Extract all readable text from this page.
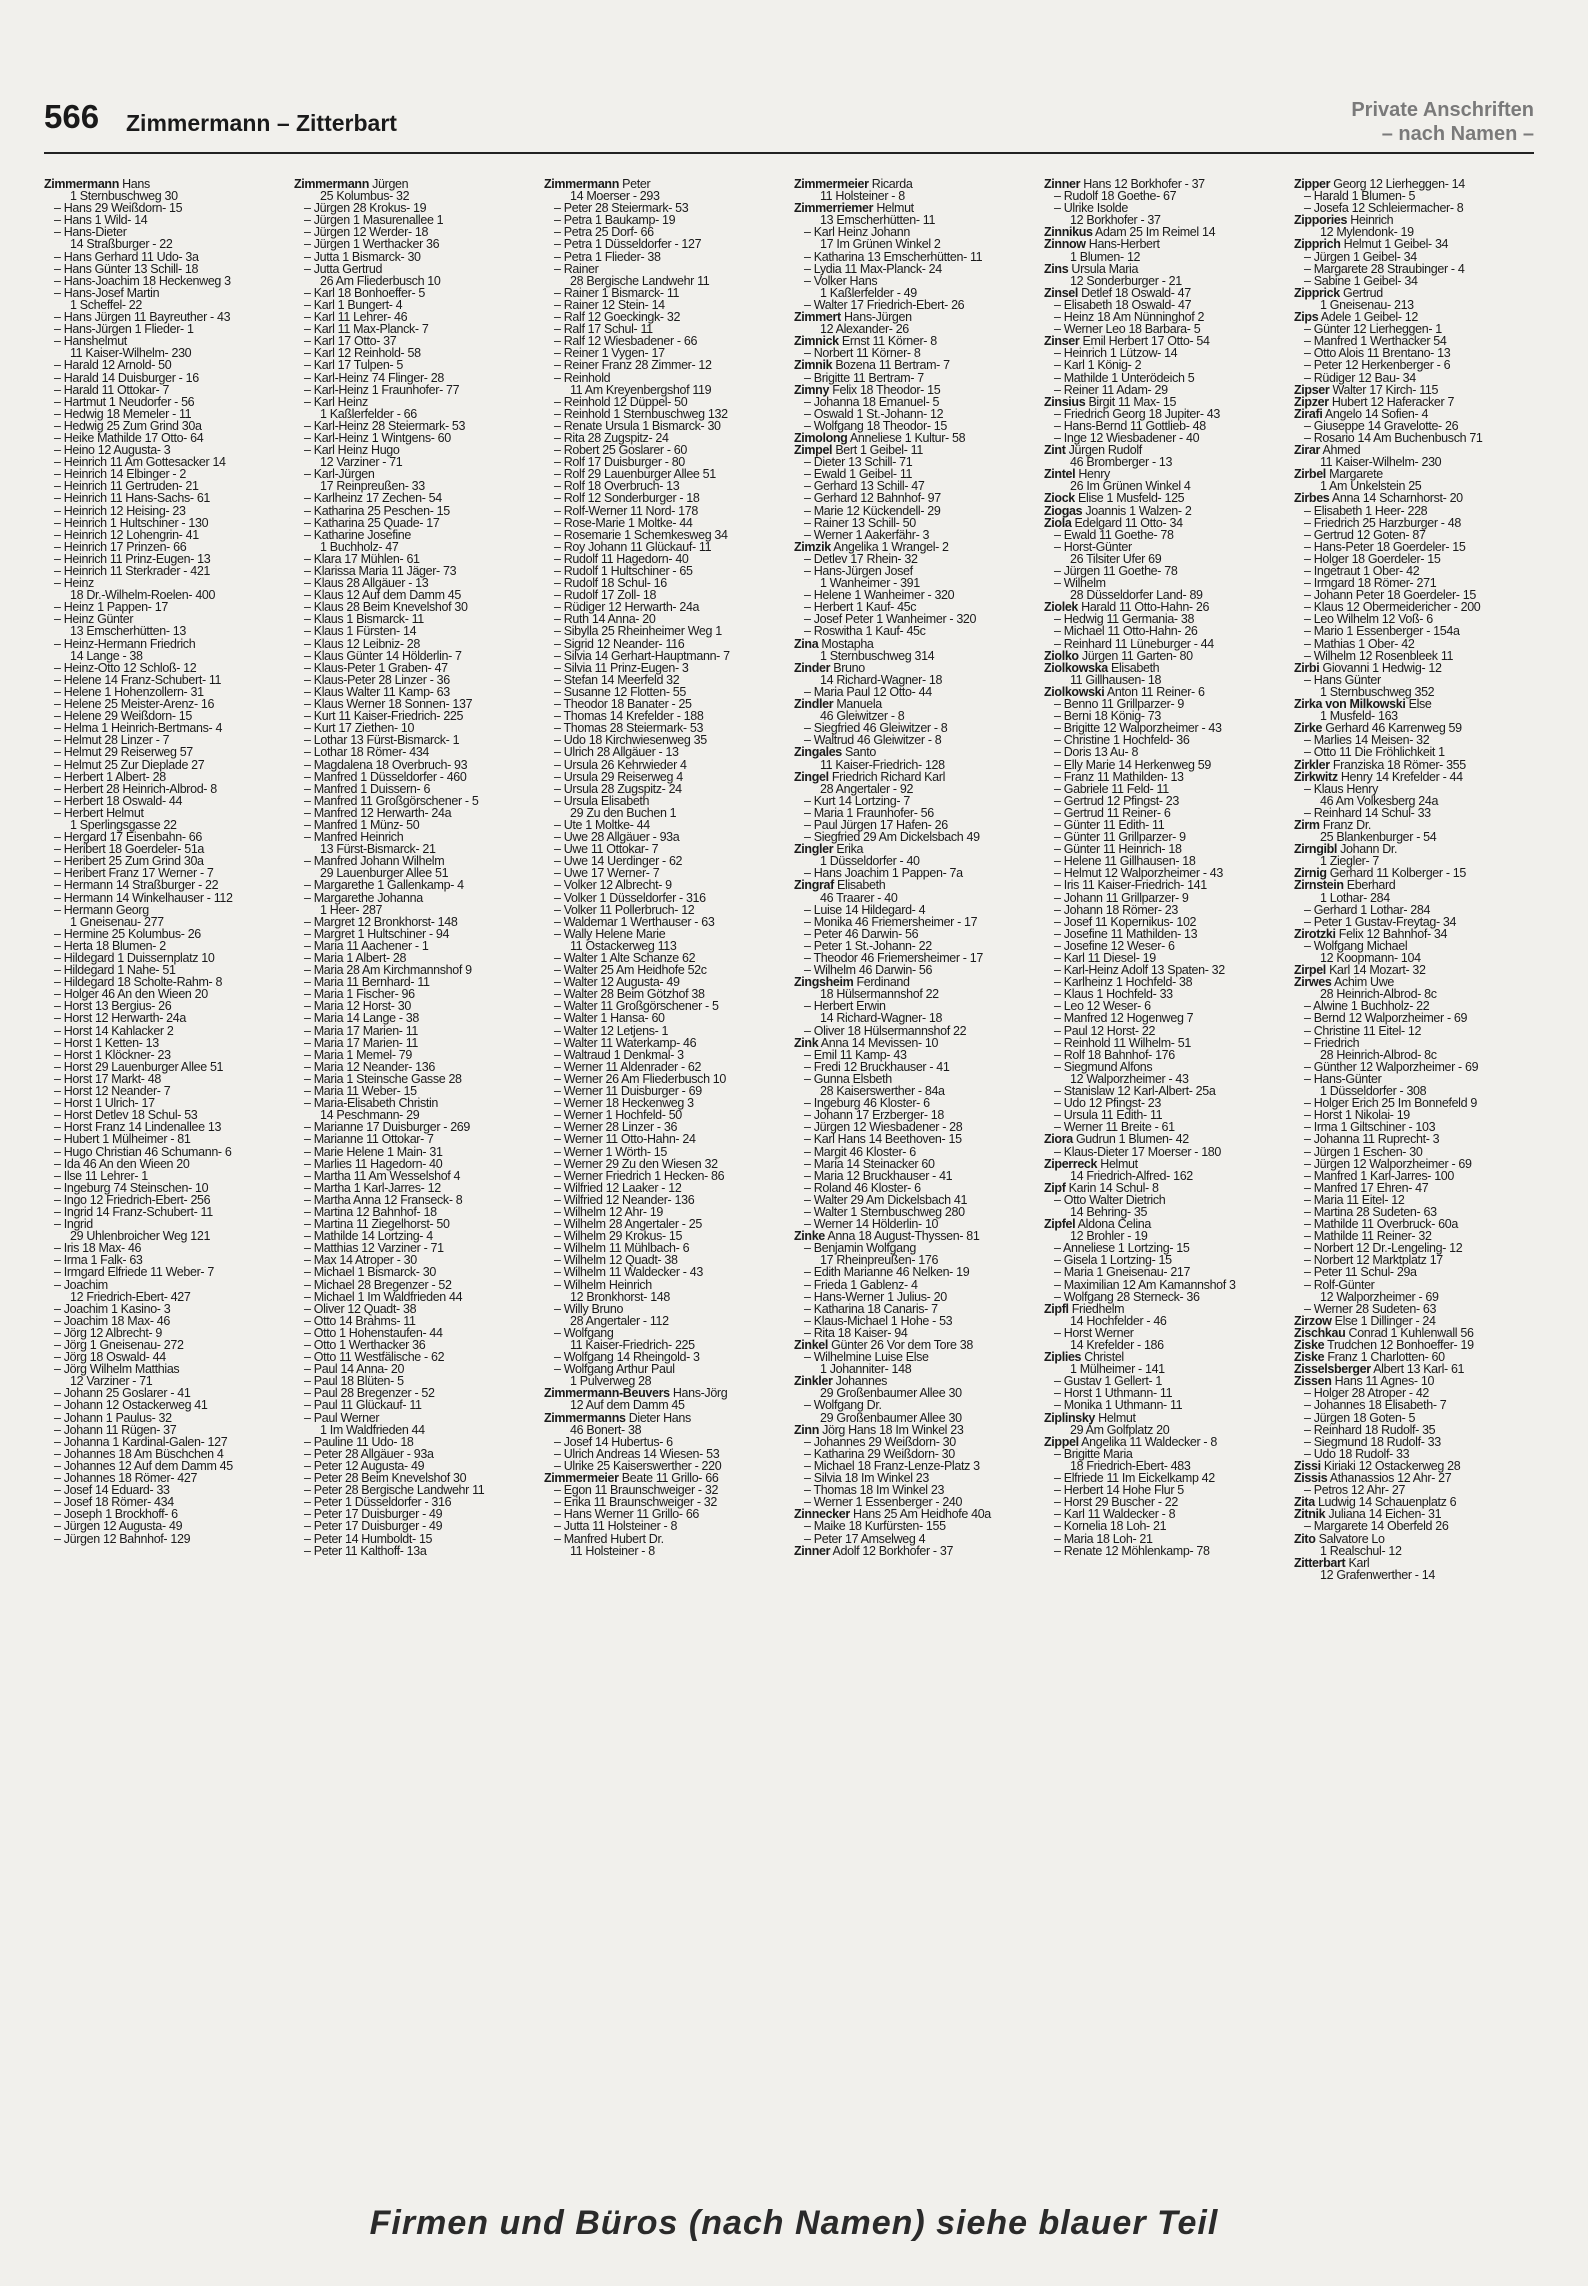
566 Zimmermann – Zitterbart	Private Anschriften
– nach Namen –
Zimmermann Hans
1 Sternbuschweg 30
– Hans 29 Weißdorn- 15
– Hans 1 Wild- 14
– Hans-Dieter
14 Straßburger - 22
– Hans Gerhard 11 Udo- 3a
– Hans Günter 13 Schill- 18
– Hans-Joachim 18 Heckenweg 3
– Hans-Josef Martin
1 Scheffel- 22
– Hans Jürgen 11 Bayreuther - 43
– Hans-Jürgen 1 Flieder- 1
– Hanshelmut
11 Kaiser-Wilhelm- 230
– Harald 12 Arnold- 50
– Harald 14 Duisburger - 16
– Harald 11 Ottokar- 7
– Hartmut 1 Neudorfer - 56
– Hedwig 18 Memeler - 11
– Hedwig 25 Zum Grind 30a
– Heike Mathilde 17 Otto- 64
– Heino 12 Augusta- 3
– Heinrich 11 Am Gottesacker 14
– Heinrich 14 Elbinger - 2
– Heinrich 11 Gertruden- 21
– Heinrich 11 Hans-Sachs- 61
– Heinrich 12 Heising- 23
– Heinrich 1 Hultschiner - 130
– Heinrich 12 Lohengrin- 41
– Heinrich 17 Prinzen- 66
– Heinrich 11 Prinz-Eugen- 13
– Heinrich 11 Sterkrader - 421
– Heinz
18 Dr.-Wilhelm-Roelen- 400
– Heinz 1 Pappen- 17
– Heinz Günter
13 Emscherhütten- 13
– Heinz-Hermann Friedrich
14 Lange - 38
– Heinz-Otto 12 Schloß- 12
– Helene 14 Franz-Schubert- 11
– Helene 1 Hohenzollern- 31
– Helene 25 Meister-Arenz- 16
– Helene 29 Weißdorn- 15
– Helma 1 Heinrich-Bertmans- 4
– Helmut 28 Linzer - 7
– Helmut 29 Reiserweg 57
– Helmut 25 Zur Dieplade 27
– Herbert 1 Albert- 28
– Herbert 28 Heinrich-Albrod- 8
– Herbert 18 Oswald- 44
– Herbert Helmut
1 Sperlingsgasse 22
– Hergard 17 Eisenbahn- 66
– Heribert 18 Goerdeler- 51a
– Heribert 25 Zum Grind 30a
– Heribert Franz 17 Werner - 7
– Hermann 14 Straßburger - 22
– Hermann 14 Winkelhauser - 112
– Hermann Georg
1 Gneisenau- 277
– Hermine 25 Kolumbus- 26
– Herta 18 Blumen- 2
– Hildegard 1 Duissernplatz 10
– Hildegard 1 Nahe- 51
– Hildegard 18 Scholte-Rahm- 8
– Holger 46 An den Wieen 20
– Horst 13 Bergius- 26
– Horst 12 Herwarth- 24a
– Horst 14 Kahlacker 2
– Horst 1 Ketten- 13
– Horst 1 Klöckner- 23
– Horst 29 Lauenburger Allee 51
– Horst 17 Markt- 48
– Horst 12 Neander- 7
– Horst 1 Ulrich- 17
– Horst Detlev 18 Schul- 53
– Horst Franz 14 Lindenallee 13
– Hubert 1 Mülheimer - 81
– Hugo Christian 46 Schumann- 6
– Ida 46 An den Wieen 20
– Ilse 11 Lehrer- 1
– Ingeburg 74 Steinschen- 10
– Ingo 12 Friedrich-Ebert- 256
– Ingrid 14 Franz-Schubert- 11
– Ingrid
29 Uhlenbroicher Weg 121
– Iris 18 Max- 46
– Irma 1 Falk- 63
– Irmgard Elfriede 11 Weber- 7
– Joachim
12 Friedrich-Ebert- 427
– Joachim 1 Kasino- 3
– Joachim 18 Max- 46
– Jörg 12 Albrecht- 9
– Jörg 1 Gneisenau- 272
– Jörg 18 Oswald- 44
– Jörg Wilhelm Matthias
12 Varziner - 71
– Johann 25 Goslarer - 41
– Johann 12 Ostackerweg 41
– Johann 1 Paulus- 32
– Johann 11 Rügen- 37
– Johanna 1 Kardinal-Galen- 127
– Johannes 18 Am Büschchen 4
– Johannes 12 Auf dem Damm 45
– Johannes 18 Römer- 427
– Josef 14 Eduard- 33
– Josef 18 Römer- 434
– Joseph 1 Brockhoff- 6
– Jürgen 12 Augusta- 49
– Jürgen 12 Bahnhof- 129
Zimmermann Jürgen
25 Kolumbus- 32
– Jürgen 28 Krokus- 19
– Jürgen 1 Masurenallee 1
– Jürgen 12 Werder- 18
– Jürgen 1 Werthacker 36
– Jutta 1 Bismarck- 30
– Jutta Gertrud
26 Am Fliederbusch 10
– Karl 18 Bonhoeffer- 5
– Karl 1 Bungert- 4
– Karl 11 Lehrer- 46
– Karl 11 Max-Planck- 7
– Karl 17 Otto- 37
– Karl 12 Reinhold- 58
– Karl 17 Tulpen- 5
– Karl-Heinz 74 Flinger- 28
– Karl-Heinz 1 Fraunhofer- 77
– Karl Heinz
1 Kaßlerfelder - 66
– Karl-Heinz 28 Steiermark- 53
– Karl-Heinz 1 Wintgens- 60
– Karl Heinz Hugo
12 Varziner - 71
– Karl-Jürgen
17 Reinpreußen- 33
– Karlheinz 17 Zechen- 54
– Katharina 25 Peschen- 15
– Katharina 25 Quade- 17
– Katharine Josefine
1 Buchholz- 47
– Klara 17 Mühlen- 61
– Klarissa Maria 11 Jäger- 73
– Klaus 28 Allgäuer - 13
– Klaus 12 Auf dem Damm 45
– Klaus 28 Beim Knevelshof 30
– Klaus 1 Bismarck- 11
– Klaus 1 Fürsten- 14
– Klaus 12 Leibniz- 28
– Klaus Günter 14 Hölderlin- 7
– Klaus-Peter 1 Graben- 47
– Klaus-Peter 28 Linzer - 36
– Klaus Walter 11 Kamp- 63
– Klaus Werner 18 Sonnen- 137
– Kurt 11 Kaiser-Friedrich- 225
– Kurt 17 Ziethen- 10
– Lothar 13 Fürst-Bismarck- 1
– Lothar 18 Römer- 434
– Magdalena 18 Overbruch- 93
– Manfred 1 Düsseldorfer - 460
– Manfred 1 Duissern- 6
– Manfred 11 Großgörschener - 5
– Manfred 12 Herwarth- 24a
– Manfred 1 Münz- 50
– Manfred Heinrich
13 Fürst-Bismarck- 21
– Manfred Johann Wilhelm
29 Lauenburger Allee 51
– Margarethe 1 Gallenkamp- 4
– Margarethe Johanna
1 Heer- 287
– Margret 12 Bronkhorst- 148
– Margret 1 Hultschiner - 94
– Maria 11 Aachener - 1
– Maria 1 Albert- 28
– Maria 28 Am Kirchmannshof 9
– Maria 11 Bernhard- 11
– Maria 1 Fischer- 96
– Maria 12 Horst- 30
– Maria 14 Lange - 38
– Maria 17 Marien- 11
– Maria 17 Marien- 11
– Maria 1 Memel- 79
– Maria 12 Neander- 136
– Maria 1 Steinsche Gasse 28
– Maria 11 Weber- 15
– Maria-Elisabeth Christin
14 Peschmann- 29
– Marianne 17 Duisburger - 269
– Marianne 11 Ottokar- 7
– Marie Helene 1 Main- 31
– Marlies 11 Hagedorn- 40
– Martha 11 Am Wesselshof 4
– Martha 1 Karl-Jarres- 12
– Martha Anna 12 Franseck- 8
– Martina 12 Bahnhof- 18
– Martina 11 Ziegelhorst- 50
– Mathilde 14 Lortzing- 4
– Matthias 12 Varziner - 71
– Max 14 Atroper - 30
– Michael 1 Bismarck- 30
– Michael 28 Bregenzer - 52
– Michael 1 Im Waldfrieden 44
– Oliver 12 Quadt- 38
– Otto 14 Brahms- 11
– Otto 1 Hohenstaufen- 44
– Otto 1 Werthacker 36
– Otto 11 Westfälische - 62
– Paul 14 Anna- 20
– Paul 18 Blüten- 5
– Paul 28 Bregenzer - 52
– Paul 11 Glückauf- 11
– Paul Werner
1 Im Waldfrieden 44
– Pauline 11 Udo- 18
– Peter 28 Allgäuer - 93a
– Peter 12 Augusta- 49
– Peter 28 Beim Knevelshof 30
– Peter 28 Bergische Landwehr 11
– Peter 1 Düsseldorfer - 316
– Peter 17 Duisburger - 49
– Peter 17 Duisburger - 49
– Peter 14 Humboldt- 15
– Peter 11 Kalthoff- 13a
Zimmermann Peter
14 Moerser - 293
– Peter 28 Steiermark- 53
– Petra 1 Baukamp- 19
– Petra 25 Dorf- 66
– Petra 1 Düsseldorfer - 127
– Petra 1 Flieder- 38
– Rainer
28 Bergische Landwehr 11
– Rainer 1 Bismarck- 11
– Rainer 12 Stein- 14
– Ralf 12 Goeckingk- 32
– Ralf 17 Schul- 11
– Ralf 12 Wiesbadener - 66
– Reiner 1 Vygen- 17
– Reiner Franz 28 Zimmer- 12
– Reinhold
11 Am Kreyenbergshof 119
– Reinhold 12 Düppel- 50
– Reinhold 1 Sternbuschweg 132
– Renate Ursula 1 Bismarck- 30
– Rita 28 Zugspitz- 24
– Robert 25 Goslarer - 60
– Rolf 17 Duisburger - 80
– Rolf 29 Lauenburger Allee 51
– Rolf 18 Overbruch- 13
– Rolf 12 Sonderburger - 18
– Rolf-Werner 11 Nord- 178
– Rose-Marie 1 Moltke- 44
– Rosemarie 1 Schemkesweg 34
– Roy Johann 11 Glückauf- 11
– Rudolf 11 Hagedorn- 40
– Rudolf 1 Hultschiner - 65
– Rudolf 18 Schul- 16
– Rudolf 17 Zoll- 18
– Rüdiger 12 Herwarth- 24a
– Ruth 14 Anna- 20
– Sibylla 25 Rheinheimer Weg 1
– Sigrid 12 Neander- 116
– Silvia 14 Gerhart-Hauptmann- 7
– Silvia 11 Prinz-Eugen- 3
– Stefan 14 Meerfeld 32
– Susanne 12 Flotten- 55
– Theodor 18 Banater - 25
– Thomas 14 Krefelder - 188
– Thomas 28 Steiermark- 53
– Udo 18 Kirchwiesenweg 35
– Ulrich 28 Allgäuer - 13
– Ursula 26 Kehrwieder 4
– Ursula 29 Reiserweg 4
– Ursula 28 Zugspitz- 24
– Ursula Elisabeth
29 Zu den Buchen 1
– Ute 1 Moltke- 44
– Uwe 28 Allgäuer - 93a
– Uwe 11 Ottokar- 7
– Uwe 14 Uerdinger - 62
– Uwe 17 Werner- 7
– Volker 12 Albrecht- 9
– Volker 1 Düsseldorfer - 316
– Volker 11 Pollerbruch- 12
– Waldemar 1 Werthauser - 63
– Wally Helene Marie
11 Ostackerweg 113
– Walter 1 Alte Schanze 62
– Walter 25 Am Heidhofe 52c
– Walter 12 Augusta- 49
– Walter 28 Beim Götzhof 38
– Walter 11 Großgörschener - 5
– Walter 1 Hansa- 60
– Walter 12 Letjens- 1
– Walter 11 Waterkamp- 46
– Waltraud 1 Denkmal- 3
– Werner 11 Aldenrader - 62
– Werner 26 Am Fliederbusch 10
– Werner 11 Duisburger - 69
– Werner 18 Heckenweg 3
– Werner 1 Hochfeld- 50
– Werner 28 Linzer - 36
– Werner 11 Otto-Hahn- 24
– Werner 1 Wörth- 15
– Werner 29 Zu den Wiesen 32
– Werner Friedrich 1 Hecken- 86
– Wilfried 12 Laaker - 12
– Wilfried 12 Neander- 136
– Wilhelm 12 Ahr- 19
– Wilhelm 28 Angertaler - 25
– Wilhelm 29 Krokus- 15
– Wilhelm 11 Mühlbach- 6
– Wilhelm 12 Quadt- 38
– Wilhelm 11 Waldecker - 43
– Wilhelm Heinrich
12 Bronkhorst- 148
– Willy Bruno
28 Angertaler - 112
– Wolfgang
11 Kaiser-Friedrich- 225
– Wolfgang 14 Rheingold- 3
– Wolfgang Arthur Paul
1 Pulverweg 28
Zimmermann-Beuvers Hans-Jörg
12 Auf dem Damm 45
Zimmermanns Dieter Hans
46 Bonert- 38
– Josef 14 Hubertus- 6
– Ulrich Andreas 14 Wiesen- 53
– Ulrike 25 Kaiserswerther - 220
Zimmermeier Beate 11 Grillo- 66
– Egon 11 Braunschweiger - 32
– Erika 11 Braunschweiger - 32
– Hans Werner 11 Grillo- 66
– Jutta 11 Holsteiner - 8
– Manfred Hubert Dr.
11 Holsteiner - 8
Zimmermeier Ricarda
11 Holsteiner - 8
Zimmerriemer Helmut
13 Emscherhütten- 11
– Karl Heinz Johann
17 Im Grünen Winkel 2
– Katharina 13 Emscherhütten- 11
– Lydia 11 Max-Planck- 24
– Volker Hans
1 Kaßlerfelder - 49
– Walter 17 Friedrich-Ebert- 26
Zimmert Hans-Jürgen
12 Alexander- 26
Zimnick Ernst 11 Körner- 8
– Norbert 11 Körner- 8
Zimnik Bozena 11 Bertram- 7
– Brigitte 11 Bertram- 7
Zimny Felix 18 Theodor- 15
– Johanna 18 Emanuel- 5
– Oswald 1 St.-Johann- 12
– Wolfgang 18 Theodor- 15
Zimolong Anneliese 1 Kultur- 58
Zimpel Bert 1 Geibel- 11
– Dieter 13 Schill- 71
– Ewald 1 Geibel- 11
– Gerhard 13 Schill- 47
– Gerhard 12 Bahnhof- 97
– Marie 12 Kückendell- 29
– Rainer 13 Schill- 50
– Werner 1 Aakerfähr- 3
Zimzik Angelika 1 Wrangel- 2
– Detlev 17 Rhein- 32
– Hans-Jürgen Josef
1 Wanheimer - 391
– Helene 1 Wanheimer - 320
– Herbert 1 Kauf- 45c
– Josef Peter 1 Wanheimer - 320
– Roswitha 1 Kauf- 45c
Zina Mostapha
1 Sternbuschweg 314
Zinder Bruno
14 Richard-Wagner- 18
– Maria Paul 12 Otto- 44
Zindler Manuela
46 Gleiwitzer - 8
– Siegfried 46 Gleiwitzer - 8
– Waltrud 46 Gleiwitzer - 8
Zingales Santo
11 Kaiser-Friedrich- 128
Zingel Friedrich Richard Karl
28 Angertaler - 92
– Kurt 14 Lortzing- 7
– Maria 1 Fraunhofer- 56
– Paul Jürgen 17 Hafen- 26
– Siegfried 29 Am Dickelsbach 49
Zingler Erika
1 Düsseldorfer - 40
– Hans Joachim 1 Pappen- 7a
Zingraf Elisabeth
46 Traarer - 40
– Luise 14 Hildegard- 4
– Monika 46 Friemersheimer - 17
– Peter 46 Darwin- 56
– Peter 1 St.-Johann- 22
– Theodor 46 Friemersheimer - 17
– Wilhelm 46 Darwin- 56
Zingsheim Ferdinand
18 Hülsermannshof 22
– Herbert Erwin
14 Richard-Wagner- 18
– Oliver 18 Hülsermannshof 22
Zink Anna 14 Mevissen- 10
– Emil 11 Kamp- 43
– Fredi 12 Bruckhauser - 41
– Gunna Elsbeth
28 Kaiserswerther - 84a
– Ingeburg 46 Kloster- 6
– Johann 17 Erzberger- 18
– Jürgen 12 Wiesbadener - 28
– Karl Hans 14 Beethoven- 15
– Margit 46 Kloster- 6
– Maria 14 Steinacker 60
– Maria 12 Bruckhauser - 41
– Roland 46 Kloster- 6
– Walter 29 Am Dickelsbach 41
– Walter 1 Sternbuschweg 280
– Werner 14 Hölderlin- 10
Zinke Anna 18 August-Thyssen- 81
– Benjamin Wolfgang
17 Rheinpreußen- 176
– Edith Marianne 46 Nelken- 19
– Frieda 1 Gablenz- 4
– Hans-Werner 1 Julius- 20
– Katharina 18 Canaris- 7
– Klaus-Michael 1 Hohe - 53
– Rita 18 Kaiser- 94
Zinkel Günter 26 Vor dem Tore 38
– Wilhelmine Luise Else
1 Johanniter- 148
Zinkler Johannes
29 Großenbaumer Allee 30
– Wolfgang Dr.
29 Großenbaumer Allee 30
Zinn Jörg Hans 18 Im Winkel 23
– Johannes 29 Weißdorn- 30
– Katharina 29 Weißdorn- 30
– Michael 18 Franz-Lenze-Platz 3
– Silvia 18 Im Winkel 23
– Thomas 18 Im Winkel 23
– Werner 1 Essenberger - 240
Zinnecker Hans 25 Am Heidhofe 40a
– Maike 18 Kurfürsten- 155
– Peter 17 Amselweg 4
Zinner Adolf 12 Borkhofer - 37
Zinner Hans 12 Borkhofer - 37
– Rudolf 18 Goethe- 67
– Ulrike Isolde
12 Borkhofer - 37
Zinnikus Adam 25 Im Reimel 14
Zinnow Hans-Herbert
1 Blumen- 12
Zins Ursula Maria
12 Sonderburger - 21
Zinsel Detlef 18 Oswald- 47
– Elisabeth 18 Oswald- 47
– Heinz 18 Am Nünninghof 2
– Werner Leo 18 Barbara- 5
Zinser Emil Herbert 17 Otto- 54
– Heinrich 1 Lützow- 14
– Karl 1 König- 2
– Mathilde 1 Unterödeich 5
– Reiner 11 Adam- 29
Zinsius Birgit 11 Max- 15
– Friedrich Georg 18 Jupiter- 43
– Hans-Bernd 11 Gottlieb- 48
– Inge 12 Wiesbadener - 40
Zint Jürgen Rudolf
46 Bromberger - 13
Zintel Henry
26 Im Grünen Winkel 4
Ziock Elise 1 Musfeld- 125
Ziogas Joannis 1 Walzen- 2
Ziola Edelgard 11 Otto- 34
– Ewald 11 Goethe- 78
– Horst-Günter
26 Tilsiter Ufer 69
– Jürgen 11 Goethe- 78
– Wilhelm
28 Düsseldorfer Land- 89
Ziolek Harald 11 Otto-Hahn- 26
– Hedwig 11 Germania- 38
– Michael 11 Otto-Hahn- 26
– Reinhard 11 Lüneburger - 44
Ziolko Jürgen 11 Garten- 80
Ziolkowska Elisabeth
11 Gillhausen- 18
Ziolkowski Anton 11 Reiner- 6
– Benno 11 Grillparzer- 9
– Berni 18 König- 73
– Brigitte 12 Walporzheimer - 43
– Christine 1 Hochfeld- 36
– Doris 13 Au- 8
– Elly Marie 14 Herkenweg 59
– Franz 11 Mathilden- 13
– Gabriele 11 Feld- 11
– Gertrud 12 Pfingst- 23
– Gertrud 11 Reiner- 6
– Günter 11 Edith- 11
– Günter 11 Grillparzer- 9
– Günter 11 Heinrich- 18
– Helene 11 Gillhausen- 18
– Helmut 12 Walporzheimer - 43
– Iris 11 Kaiser-Friedrich- 141
– Johann 11 Grillparzer- 9
– Johann 18 Römer- 23
– Josef 11 Kopernikus- 102
– Josefine 11 Mathilden- 13
– Josefine 12 Weser- 6
– Karl 11 Diesel- 19
– Karl-Heinz Adolf 13 Spaten- 32
– Karlheinz 1 Hochfeld- 38
– Klaus 1 Hochfeld- 33
– Leo 12 Weser- 6
– Manfred 12 Hogenweg 7
– Paul 12 Horst- 22
– Reinhold 11 Wilhelm- 51
– Rolf 18 Bahnhof- 176
– Siegmund Alfons
12 Walporzheimer - 43
– Stanislaw 12 Karl-Albert- 25a
– Udo 12 Pfingst- 23
– Ursula 11 Edith- 11
– Werner 11 Breite - 61
Ziora Gudrun 1 Blumen- 42
– Klaus-Dieter 17 Moerser - 180
Ziperreck Helmut
14 Friedrich-Alfred- 162
Zipf Karin 14 Schul- 8
– Otto Walter Dietrich
14 Behring- 35
Zipfel Aldona Celina
12 Brohler - 19
– Anneliese 1 Lortzing- 15
– Gisela 1 Lortzing- 15
– Maria 1 Gneisenau- 217
– Maximilian 12 Am Kamannshof 3
– Wolfgang 28 Sterneck- 36
Zipfl Friedhelm
14 Hochfelder - 46
– Horst Werner
14 Krefelder - 186
Ziplies Christel
1 Mülheimer - 141
– Gustav 1 Gellert- 1
– Horst 1 Uthmann- 11
– Monika 1 Uthmann- 11
Ziplinsky Helmut
29 Am Golfplatz 20
Zippel Angelika 11 Waldecker - 8
– Brigitte Maria
18 Friedrich-Ebert- 483
– Elfriede 11 Im Eickelkamp 42
– Herbert 14 Hohe Flur 5
– Horst 29 Buscher - 22
– Karl 11 Waldecker - 8
– Kornelia 18 Loh- 21
– Maria 18 Loh- 21
– Renate 12 Möhlenkamp- 78
Zipper Georg 12 Lierheggen- 14
– Harald 1 Blumen- 5
– Josefa 12 Schleiermacher- 8
Zippories Heinrich
12 Mylendonk- 19
Zipprich Helmut 1 Geibel- 34
– Jürgen 1 Geibel- 34
– Margarete 28 Straubinger - 4
– Sabine 1 Geibel- 34
Zipprick Gertrud
1 Gneisenau- 213
Zips Adele 1 Geibel- 12
– Günter 12 Lierheggen- 1
– Manfred 1 Werthacker 54
– Otto Alois 11 Brentano- 13
– Peter 12 Herkenberger - 6
– Rüdiger 12 Bau- 34
Zipser Walter 17 Kirch- 115
Zipzer Hubert 12 Haferacker 7
Zirafi Angelo 14 Sofien- 4
– Giuseppe 14 Gravelotte- 26
– Rosario 14 Am Buchenbusch 71
Zirar Ahmed
11 Kaiser-Wilhelm- 230
Zirbel Margarete
1 Am Unkelstein 25
Zirbes Anna 14 Scharnhorst- 20
– Elisabeth 1 Heer- 228
– Friedrich 25 Harzburger - 48
– Gertrud 12 Goten- 87
– Hans-Peter 18 Goerdeler- 15
– Holger 18 Goerdeler- 15
– Ingetraut 1 Ober- 42
– Irmgard 18 Römer- 271
– Johann Peter 18 Goerdeler- 15
– Klaus 12 Obermeidericher - 200
– Leo Wilhelm 12 Voß- 6
– Mario 1 Essenberger - 154a
– Mathias 1 Ober- 42
– Wilhelm 12 Rosenbleek 11
Zirbi Giovanni 1 Hedwig- 12
– Hans Günter
1 Sternbuschweg 352
Zirka von Milkowski Else
1 Musfeld- 163
Zirke Gerhard 46 Karrenweg 59
– Marlies 14 Meisen- 32
– Otto 11 Die Fröhlichkeit 1
Zirkler Franziska 18 Römer- 355
Zirkwitz Henry 14 Krefelder - 44
– Klaus Henry
46 Am Volkesberg 24a
– Reinhard 14 Schul- 33
Zirm Franz Dr.
25 Blankenburger - 54
Zirngibl Johann Dr.
1 Ziegler- 7
Zirnig Gerhard 11 Kolberger - 15
Zirnstein Eberhard
1 Lothar- 284
– Gerhard 1 Lothar- 284
– Peter 1 Gustav-Freytag- 34
Zirotzki Felix 12 Bahnhof- 34
– Wolfgang Michael
12 Koopmann- 104
Zirpel Karl 14 Mozart- 32
Zirwes Achim Uwe
28 Heinrich-Albrod- 8c
– Alwine 1 Buchholz- 22
– Bernd 12 Walporzheimer - 69
– Christine 11 Eitel- 12
– Friedrich
28 Heinrich-Albrod- 8c
– Günther 12 Walporzheimer - 69
– Hans-Günter
1 Düsseldorfer - 308
– Holger Erich 25 Im Bonnefeld 9
– Horst 1 Nikolai- 19
– Irma 1 Giltschiner - 103
– Johanna 11 Ruprecht- 3
– Jürgen 1 Eschen- 30
– Jürgen 12 Walporzheimer - 69
– Manfred 1 Karl-Jarres- 100
– Manfred 17 Ehren- 47
– Maria 11 Eitel- 12
– Martina 28 Sudeten- 63
– Mathilde 11 Overbruck- 60a
– Mathilde 11 Reiner- 32
– Norbert 12 Dr.-Lengeling- 12
– Norbert 12 Marktplatz 17
– Peter 11 Schul- 29a
– Rolf-Günter
12 Walporzheimer - 69
– Werner 28 Sudeten- 63
Zirzow Else 1 Dillinger - 24
Zischkau Conrad 1 Kuhlenwall 56
Ziske Trudchen 12 Bonhoeffer- 19
Ziske Franz 1 Charlotten- 60
Zisselsberger Albert 13 Karl- 61
Zissen Hans 11 Agnes- 10
– Holger 28 Atroper - 42
– Johannes 18 Elisabeth- 7
– Jürgen 18 Goten- 5
– Reinhard 18 Rudolf- 35
– Siegmund 18 Rudolf- 33
– Udo 18 Rudolf- 33
Zissi Kiriaki 12 Ostackerweg 28
Zissis Athanassios 12 Ahr- 27
– Petros 12 Ahr- 27
Zita Ludwig 14 Schauenplatz 6
Zitnik Juliana 14 Eichen- 31
– Margarete 14 Oberfeld 26
Zito Salvatore Lo
1 Realschul- 12
Zitterbart Karl
12 Grafenwerther - 14
Firmen und Büros (nach Namen) siehe blauer Teil
